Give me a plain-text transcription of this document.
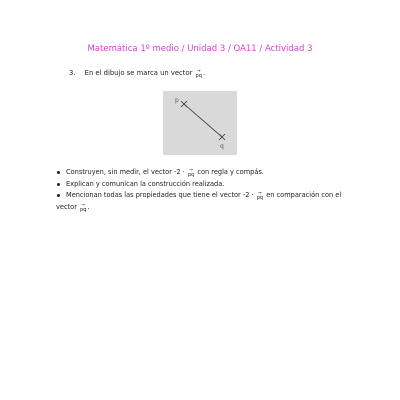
Matemática 1º medio / Unidad 3 / OA11 / Actividad 3
3. En el dibujo se marca un vector →
pq .
p
q
Construyen, sin medir, el vector -2 · →
pq con regla y compás.
Explican y comunican la construcción realizada.
Mencionan todas las propiedades que tiene el vector -2 · →
pq en comparación con el
vector →
pq .
